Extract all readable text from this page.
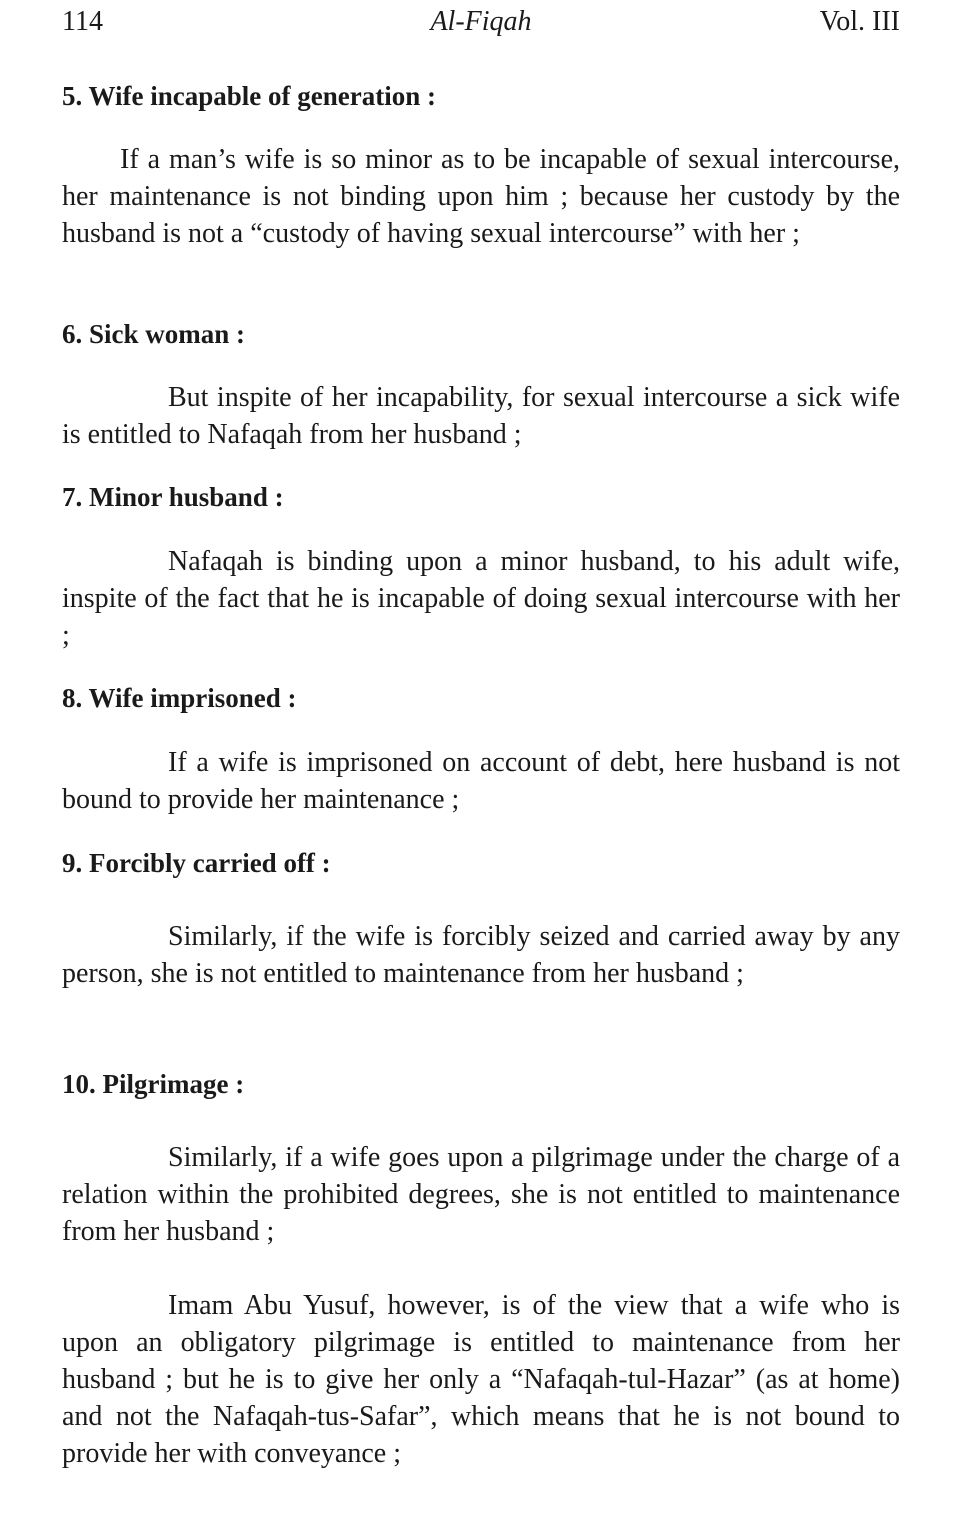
114	Al-Fiqah	Vol. III
5. Wife incapable of generation :

If a man’s wife is so minor as to be incapable of sexual intercourse, her maintenance is not binding upon him ; because her custody by the husband is not a “custody of having sexual intercourse” with her ;

6. Sick woman :

But inspite of her incapability, for sexual intercourse a sick wife is entitled to Nafaqah from her husband ;

7. Minor husband :

Nafaqah is binding upon a minor husband, to his adult wife, inspite of the fact that he is incapable of doing sexual intercourse with her ;

8. Wife imprisoned :

If a wife is imprisoned on account of debt, here husband is not bound to provide her maintenance ;

9. Forcibly carried off :

Similarly, if the wife is forcibly seized and carried away by any person, she is not entitled to maintenance from her husband ;

10. Pilgrimage :

Similarly, if a wife goes upon a pilgrimage under the charge of a relation within the prohibited degrees, she is not entitled to maintenance from her husband ;

Imam Abu Yusuf, however, is of the view that a wife who is upon an obligatory pilgrimage is entitled to maintenance from her husband ; but he is to give her only a “Nafaqah-tul-Hazar” (as at home) and not the Nafaqah-tus-Safar”, which means that he is not bound to provide her with conveyance ;
